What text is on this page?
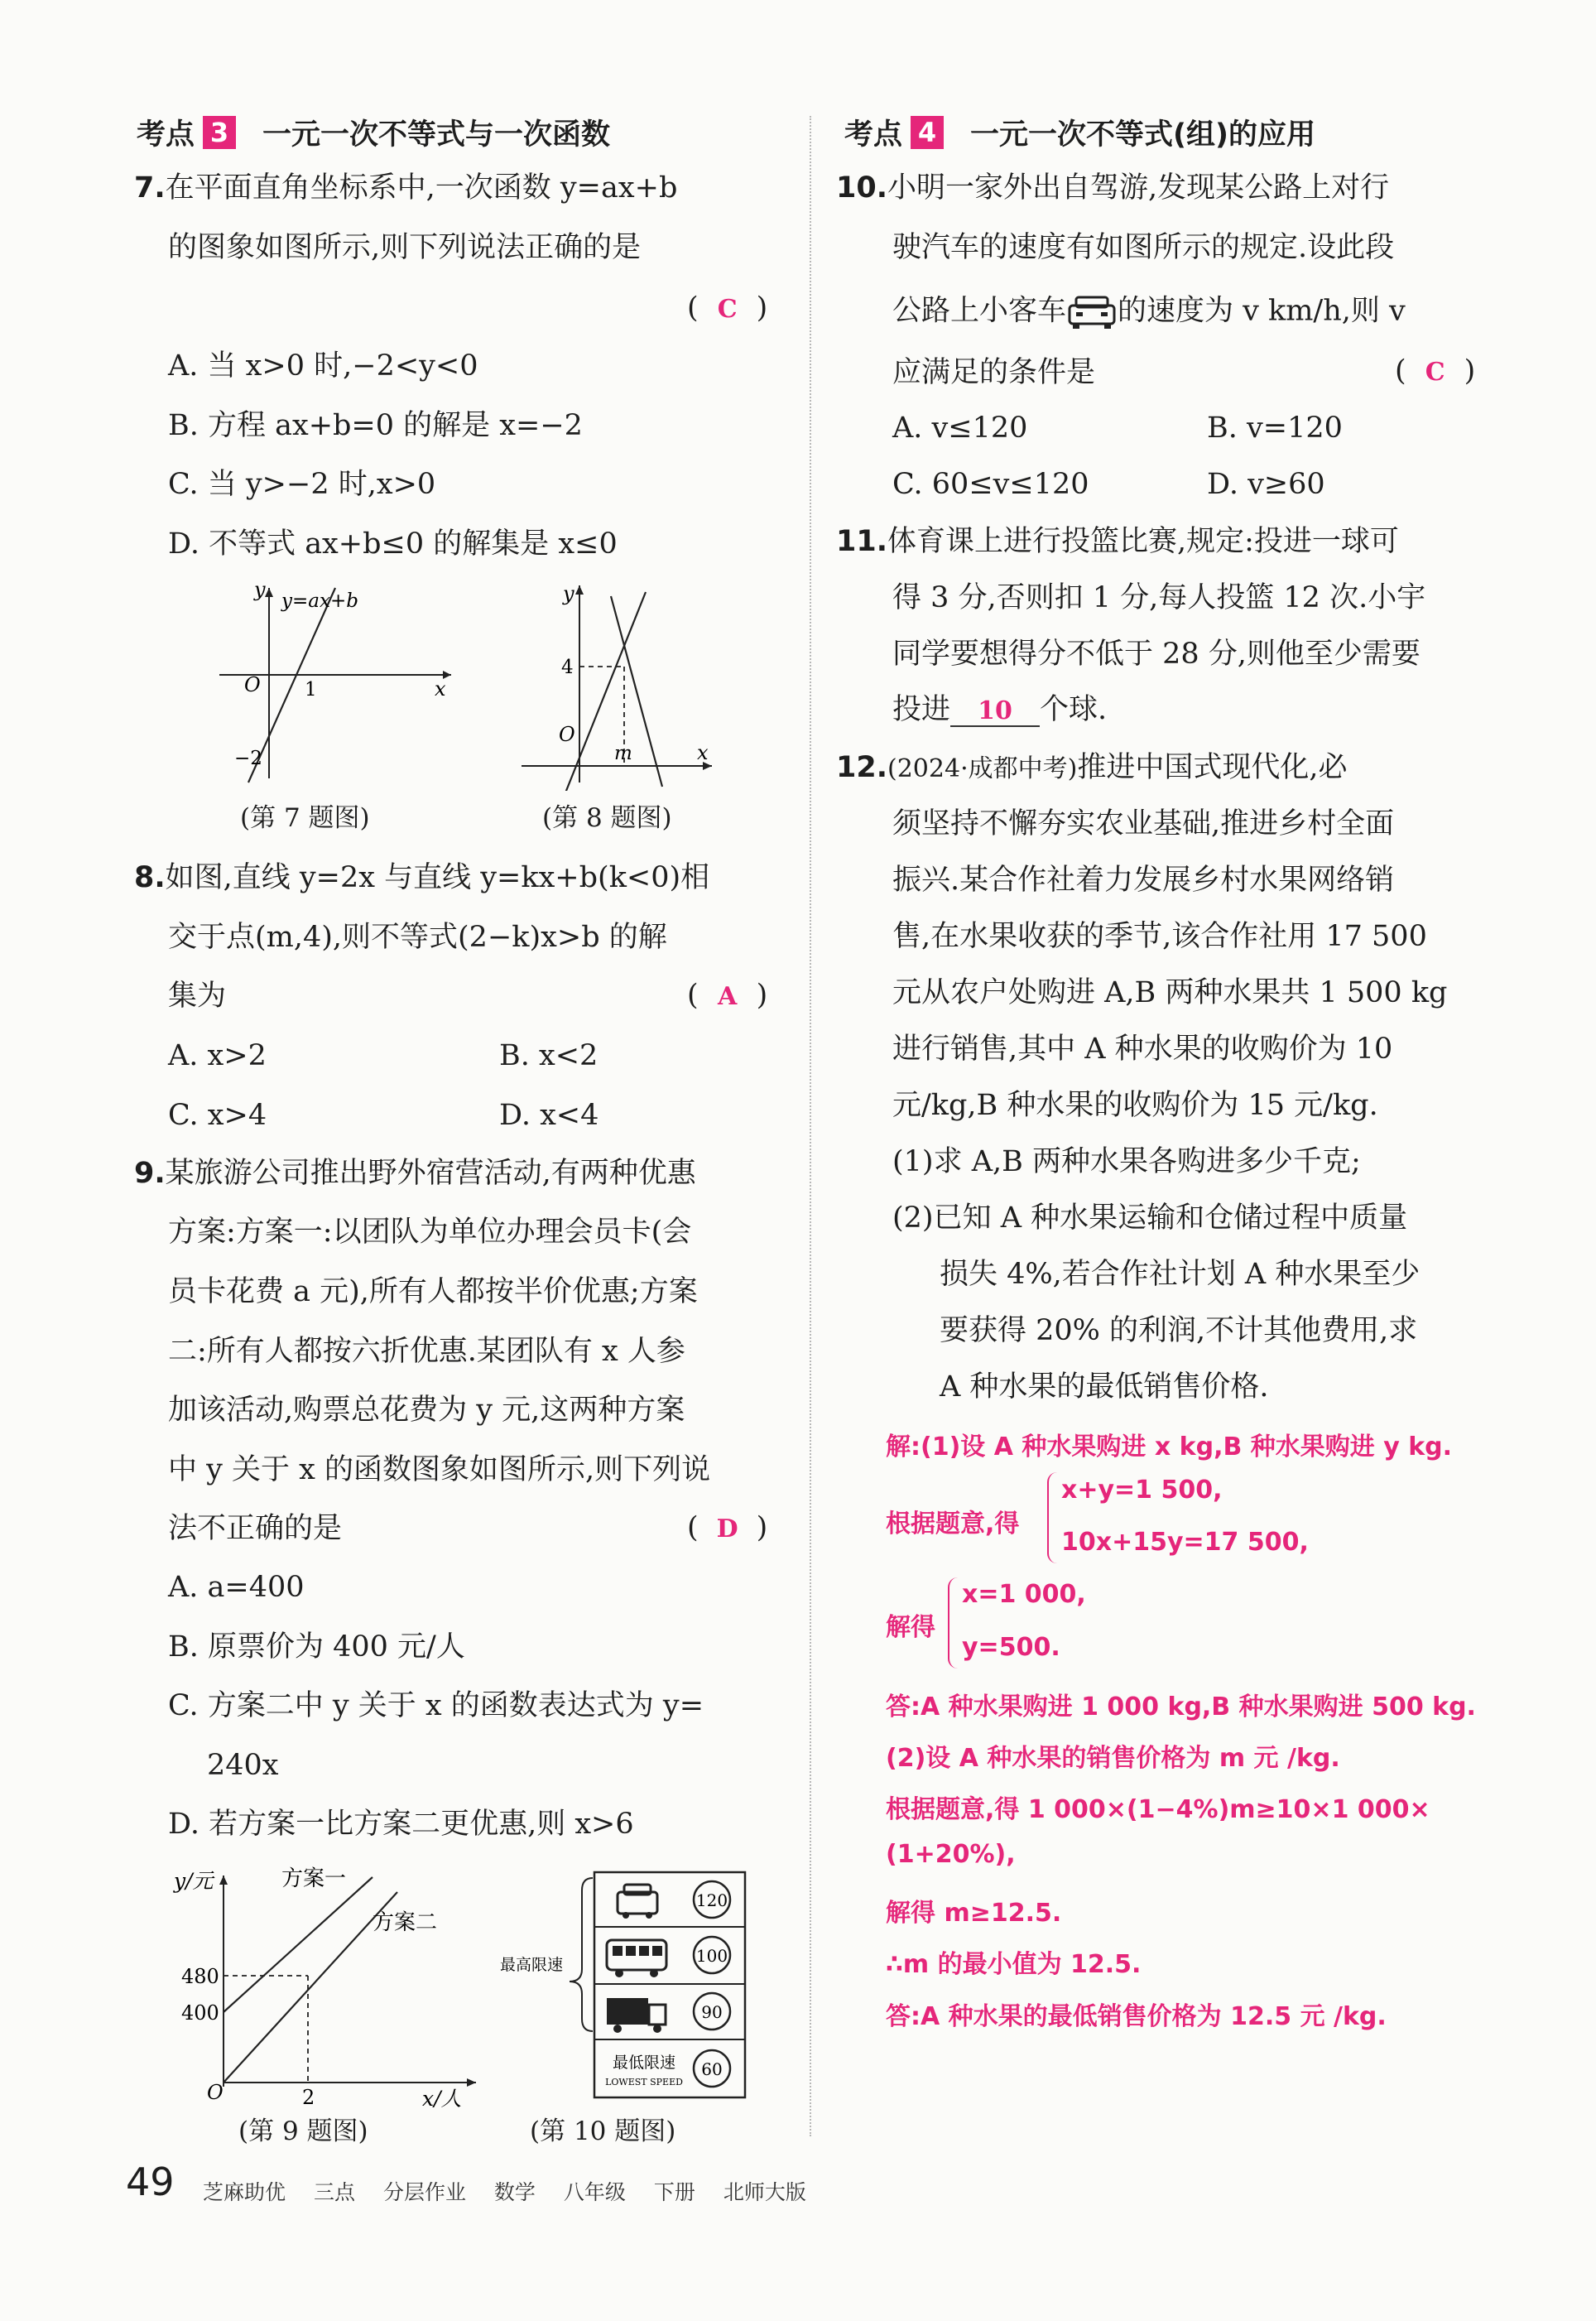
考点 3 一元一次不等式与一次函数
7.在平面直角坐标系中,一次函数 y=ax+b
的图象如图所示,则下列说法正确的是
( C )
A. 当 x>0 时,−2<y<0
B. 方程 ax+b=0 的解是 x=−2
C. 当 y>−2 时,x>0
D. 不等式 ax+b≤0 的解集是 x≤0
y y=ax+b
x
O 1
−2
(第 7 题图)
y
x
O
4
m
(第 8 题图)
8.如图,直线 y=2x 与直线 y=kx+b(k<0)相
交于点(m,4),则不等式(2−k)x>b 的解
集为	( A )
A. x>2	B. x<2
C. x>4	D. x<4
9.某旅游公司推出野外宿营活动,有两种优惠
方案:方案一:以团队为单位办理会员卡(会
员卡花费 a 元),所有人都按半价优惠;方案
二:所有人都按六折优惠.某团队有 x 人参
加该活动,购票总花费为 y 元,这两种方案
中 y 关于 x 的函数图象如图所示,则下列说
法不正确的是	( D )
A. a=400
B. 原票价为 400 元/人
C. 方案二中 y 关于 x 的函数表达式为 y=
240x
D. 若方案一比方案二更优惠,则 x>6
y/元	方案一
方案二
480
400
O	2	x/人
(第 9 题图)
最高限速
120
100
90
60
最低限速
LOWEST SPEED
(第 10 题图)
考点 4 一元一次不等式(组)的应用
10.小明一家外出自驾游,发现某公路上对行
驶汽车的速度有如图所示的规定.设此段
公路上小客车 的速度为 v km/h,则 v
应满足的条件是	( C )
A. v≤120	B. v=120
C. 60≤v≤120	D. v≥60
11.体育课上进行投篮比赛,规定:投进一球可
得 3 分,否则扣 1 分,每人投篮 12 次.小宇
同学要想得分不低于 28 分,则他至少需要
投进 10 个球.
12.(2024·成都中考)推进中国式现代化,必
须坚持不懈夯实农业基础,推进乡村全面
振兴.某合作社着力发展乡村水果网络销
售,在水果收获的季节,该合作社用 17 500
元从农户处购进 A,B 两种水果共 1 500 kg
进行销售,其中 A 种水果的收购价为 10
元/kg,B 种水果的收购价为 15 元/kg.
(1)求 A,B 两种水果各购进多少千克;
(2)已知 A 种水果运输和仓储过程中质量
损失 4%,若合作社计划 A 种水果至少
要获得 20% 的利润,不计其他费用,求
A 种水果的最低销售价格.
解:(1)设 A 种水果购进 x kg,B 种水果购进 y kg.
根据题意,得
x+y=1 500,
10x+15y=17 500,
解得
x=1 000,
y=500.
答:A 种水果购进 1 000 kg,B 种水果购进 500 kg.
(2)设 A 种水果的销售价格为 m 元 /kg.
根据题意,得 1 000×(1−4%)m≥10×1 000×
(1+20%),
解得 m≥12.5.
∴m 的最小值为 12.5.
答:A 种水果的最低销售价格为 12.5 元 /kg.
49 芝麻助优 三点 分层作业 数学 八年级 下册 北师大版
